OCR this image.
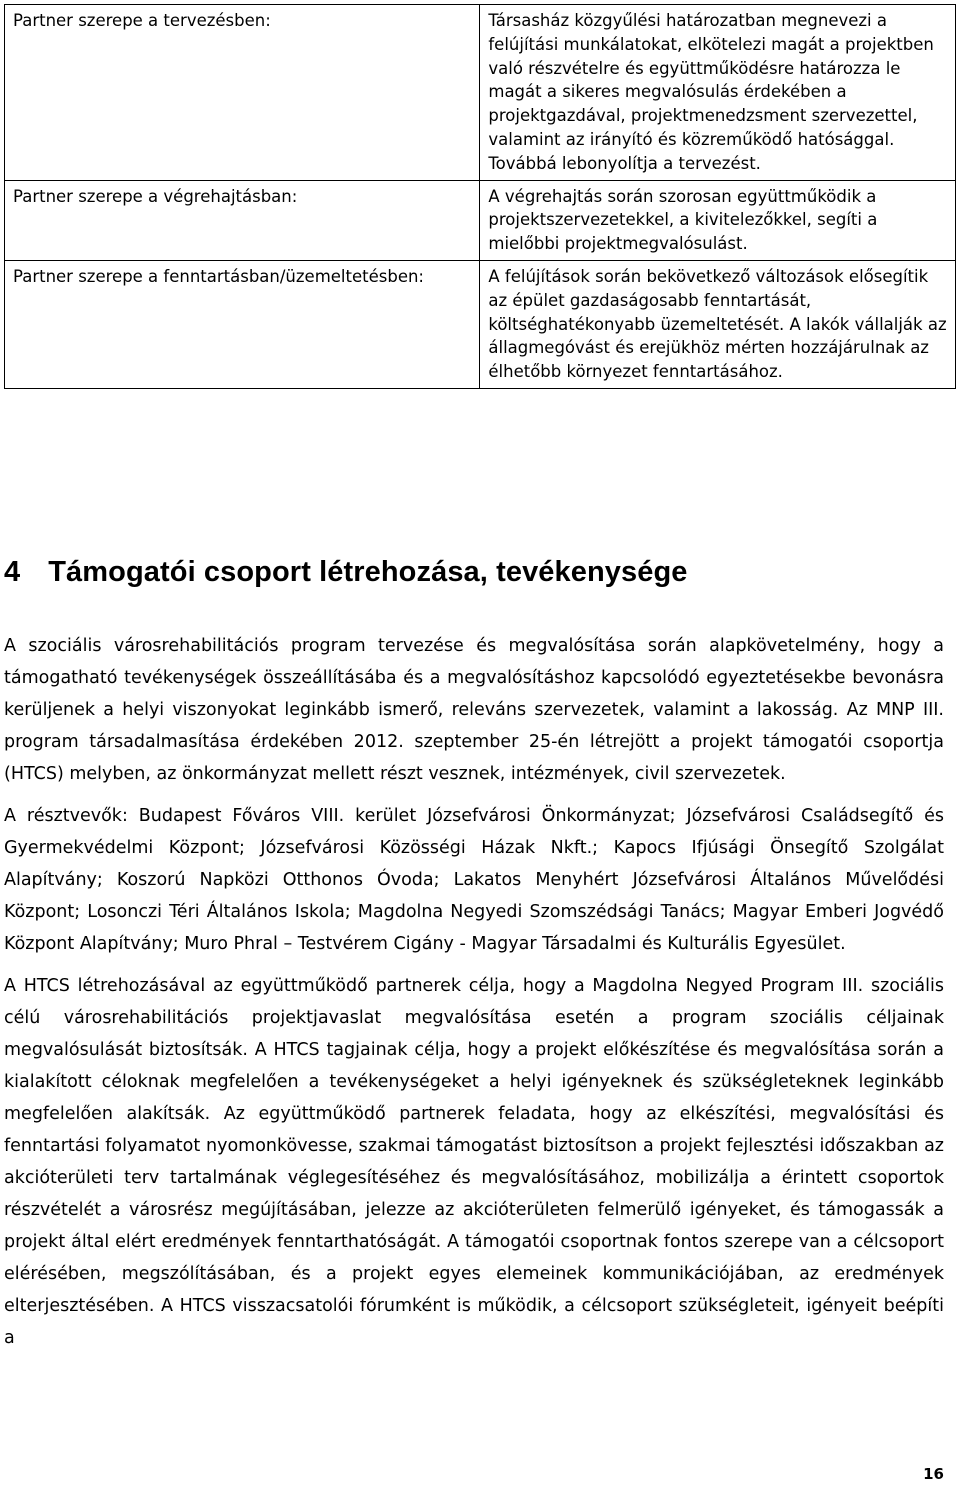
Partner szerepe a tervezésben:	Társasház közgyűlési határozatban megnevezi a felújítási munkálatokat, elkötelezi magát a projektben való részvételre és együttműködésre határozza le magát a sikeres megvalósulás érdekében a projektgazdával, projektmenedzsment szervezettel, valamint az irányító és közreműködő hatósággal. Továbbá lebonyolítja a tervezést.
Partner szerepe a végrehajtásban:	A végrehajtás során szorosan együttműködik a projektszervezetekkel, a kivitelezőkkel, segíti a mielőbbi projektmegvalósulást.
Partner szerepe a fenntartásban/üzemeltetésben:	A felújítások során bekövetkező változások elősegítik az épület gazdaságosabb fenntartását, költséghatékonyabb üzemeltetését. A lakók vállalják az állagmegóvást és erejükhöz mérten hozzájárulnak az élhetőbb környezet fenntartásához.
4 Támogatói csoport létrehozása, tevékenysége

A szociális városrehabilitációs program tervezése és megvalósítása során alapkövetelmény, hogy a támogatható tevékenységek összeállításába és a megvalósításhoz kapcsolódó egyeztetésekbe bevonásra kerüljenek a helyi viszonyokat leginkább ismerő, releváns szervezetek, valamint a lakosság. Az MNP III. program társadalmasítása érdekében 2012. szeptember 25-én létrejött a projekt támogatói csoportja (HTCS) melyben, az önkormányzat mellett részt vesznek, intézmények, civil szervezetek.

A résztvevők: Budapest Főváros VIII. kerület Józsefvárosi Önkormányzat; Józsefvárosi Családsegítő és Gyermekvédelmi Központ; Józsefvárosi Közösségi Házak Nkft.; Kapocs Ifjúsági Önsegítő Szolgálat Alapítvány; Koszorú Napközi Otthonos Óvoda; Lakatos Menyhért Józsefvárosi Általános Művelődési Központ; Losonczi Téri Általános Iskola; Magdolna Negyedi Szomszédsági Tanács; Magyar Emberi Jogvédő Központ Alapítvány; Muro Phral – Testvérem Cigány - Magyar Társadalmi és Kulturális Egyesület.

A HTCS létrehozásával az együttműködő partnerek célja, hogy a Magdolna Negyed Program III. szociális célú városrehabilitációs projektjavaslat megvalósítása esetén a program szociális céljainak megvalósulását biztosítsák. A HTCS tagjainak célja, hogy a projekt előkészítése és megvalósítása során a kialakított céloknak megfelelően a tevékenységeket a helyi igényeknek és szükségleteknek leginkább megfelelően alakítsák. Az együttműködő partnerek feladata, hogy az elkészítési, megvalósítási és fenntartási folyamatot nyomonkövesse, szakmai támogatást biztosítson a projekt fejlesztési időszakban az akcióterületi terv tartalmának véglegesítéséhez és megvalósításához, mobilizálja a érintett csoportok részvételét a városrész megújításában, jelezze az akcióterületen felmerülő igényeket, és támogassák a projekt által elért eredmények fenntarthatóságát. A támogatói csoportnak fontos szerepe van a célcsoport elérésében, megszólításában, és a projekt egyes elemeinek kommunikációjában, az eredmények elterjesztésében. A HTCS visszacsatolói fórumként is működik, a célcsoport szükségleteit, igényeit beépíti a

16
